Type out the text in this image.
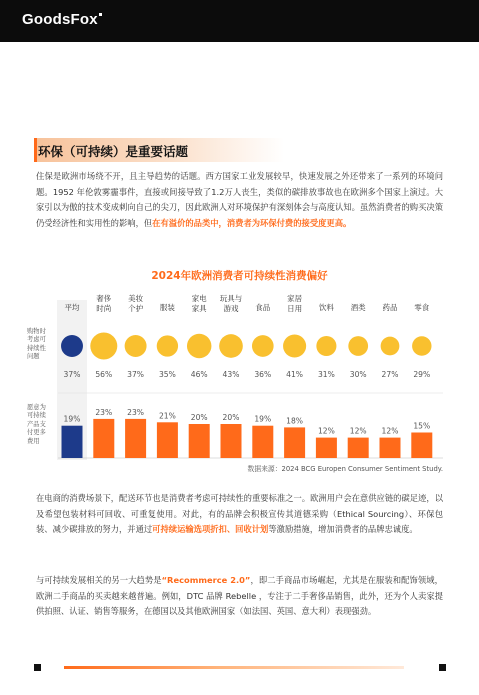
GoodsFox
环保（可持续）是重要话题
住保是欧洲市场绕不开，且主导趋势的话题。西方国家工业发展较早，快速发展之外还带来了一系列的环境问题。1952 年伦敦雾霾事件，直接或间接导致了1.2万人丧生，类似的碳排放事故也在欧洲多个国家上演过。大家引以为傲的技术变成刺向自己的尖刀，因此欧洲人对环境保护有深刻体会与高度认知。虽然消费者的购买决策仍受经济性和实用性的影响，但在有溢价的品类中，消费者为环保付费的接受度更高。
2024年欧洲消费者可持续性消费偏好
购物时考虑可持续性问题
愿意为可持续产品支付更多费用
平均
37%
19%
奢侈时尚
56%
23%
美妆个护
37%
23%
服装
35%
21%
家电家具
46%
20%
玩具与游戏
43%
20%
食品
36%
19%
家居日用
41%
18%
饮料
31%
12%
酒类
30%
12%
药品
27%
12%
零食
29%
15%
数据来源：2024 BCG Europen Consumer Sentiment Study.
在电商的消费场景下，配送环节也是消费者考虑可持续性的重要标准之一。欧洲用户会在意供应链的碳足迹，以及希望包装材料可回收、可重复使用。对此，有的品牌会积极宣传其道德采购（Ethical Sourcing）、环保包装、减少碳排放的努力，并通过可持续运输选项折扣、回收计划等激励措施，增加消费者的品牌忠诚度。
与可持续发展相关的另一大趋势是“Recommerce 2.0”，即二手商品市场崛起，尤其是在服装和配饰领域，欧洲二手商品的买卖越来越普遍。例如，DTC 品牌 Rebelle ，专注于二手奢侈品销售，此外，还为个人卖家提供拍照、认证、销售等服务，在德国以及其他欧洲国家（如法国、英国、意大利）表现强劲。
